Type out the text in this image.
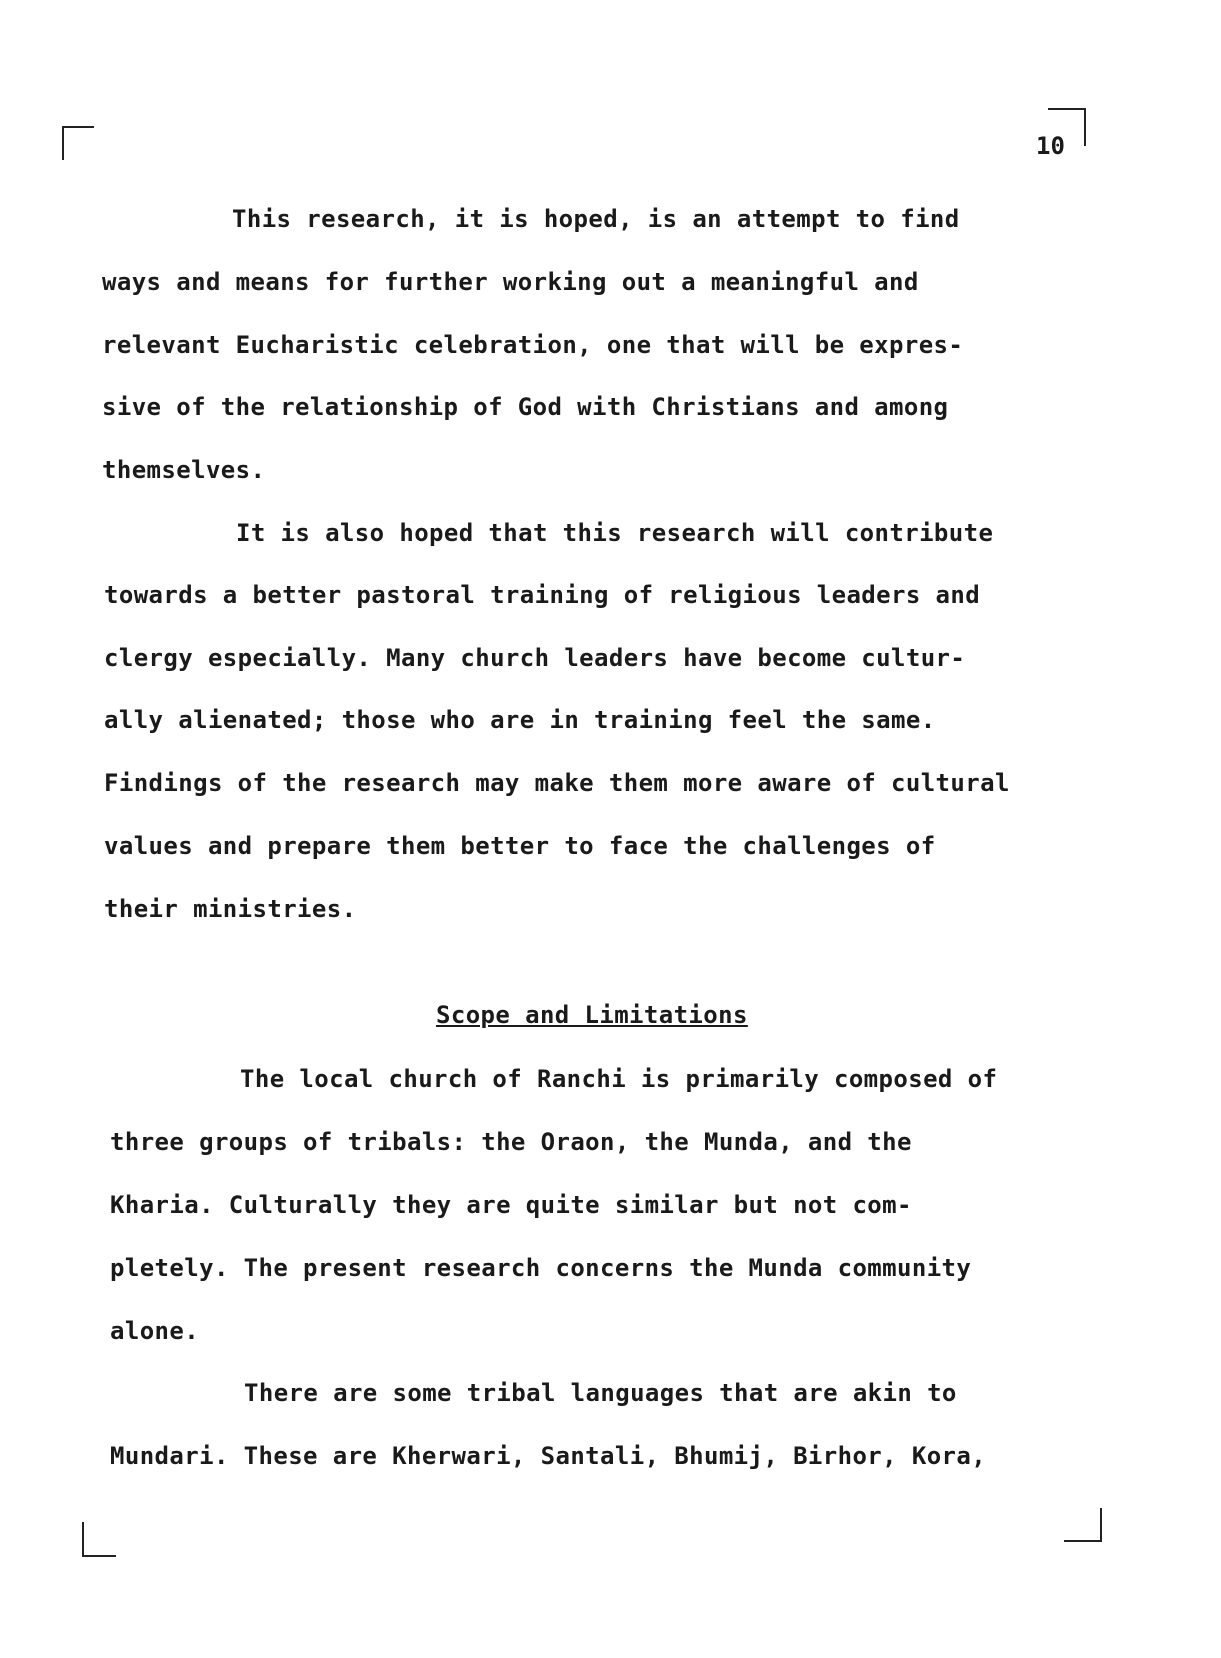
10
This research, it is hoped, is an attempt to find
ways and means for further working out a meaningful and
relevant Eucharistic celebration, one that will be expres-
sive of the relationship of God with Christians and among
themselves.
It is also hoped that this research will contribute
towards a better pastoral training of religious leaders and
clergy especially. Many church leaders have become cultur-
ally alienated; those who are in training feel the same.
Findings of the research may make them more aware of cultural
values and prepare them better to face the challenges of
their ministries.
Scope and Limitations
The local church of Ranchi is primarily composed of
three groups of tribals: the Oraon, the Munda, and the
Kharia. Culturally they are quite similar but not com-
pletely. The present research concerns the Munda community
alone.
There are some tribal languages that are akin to
Mundari. These are Kherwari, Santali, Bhumij, Birhor, Kora,
